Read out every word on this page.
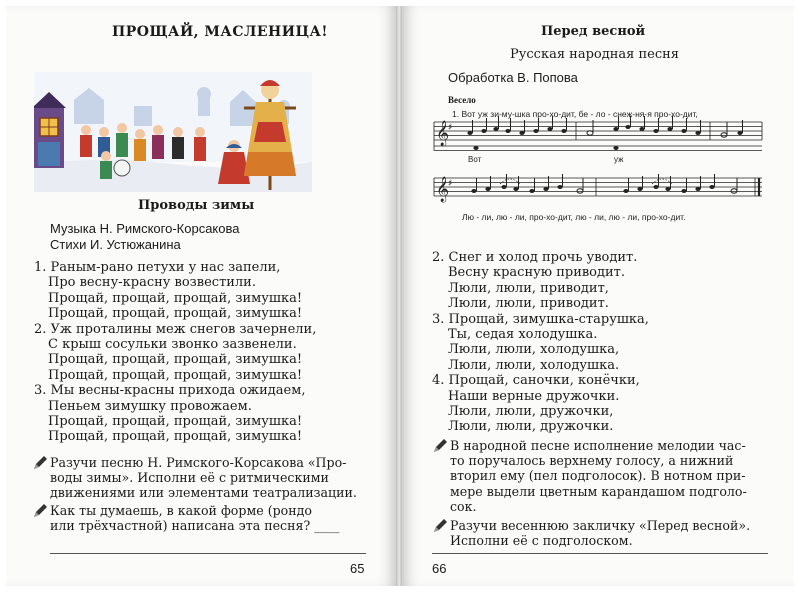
ПРОЩАЙ, МАСЛЕНИЦА!
Проводы зимы
Музыка Н. Римского-Корсакова
Стихи И. Устюжанина
1. Раным-рано петухи у нас запели,
Про весну-красну возвестили.
Прощай, прощай, прощай, зимушка!
Прощай, прощай, прощай, зимушка!
2. Уж проталины меж снегов зачернели,
С крыш сосульки звонко зазвенели.
Прощай, прощай, прощай, зимушка!
Прощай, прощай, прощай, зимушка!
3. Мы весны-красны прихода ожидаем,
Пеньем зимушку провожаем.
Прощай, прощай, прощай, зимушка!
Прощай, прощай, прощай, зимушка!
Разучи песню Н. Римского-Корсакова «Про-
воды зимы». Исполни её с ритмическими
движениями или элементами театрализации.
Как ты думаешь, в какой форме (рондо
или трёхчастной) написана эта песня? ____
65
Перед весной
Русская народная песня
Обработка В. Попова
Весело
1. Вот уж зи-му-шка про-хо-дит, бе - ло - снеж-ня-я про-хо-дит,
𝄞
♯
Вот	уж
𝄞
♯
Лю - ли, лю - ли, про-хо-дит, лю - ли, лю - ли, про-хо-дит.
2. Снег и холод прочь уводит.
Весну красную приводит.
Люли, люли, приводит,
Люли, люли, приводит.
3. Прощай, зимушка-старушка,
Ты, седая холодушка.
Люли, люли, холодушка,
Люли, люли, холодушка.
4. Прощай, саночки, конёчки,
Наши верные дружочки.
Люли, люли, дружочки,
Люли, люли, дружочки.
В народной песне исполнение мелодии час-
то поручалось верхнему голосу, а нижний
вторил ему (пел подголосок). В нотном при-
мере выдели цветным карандашом подголо-
сок.
Разучи весеннюю закличку «Перед весной».
Исполни её с подголоском.
66
